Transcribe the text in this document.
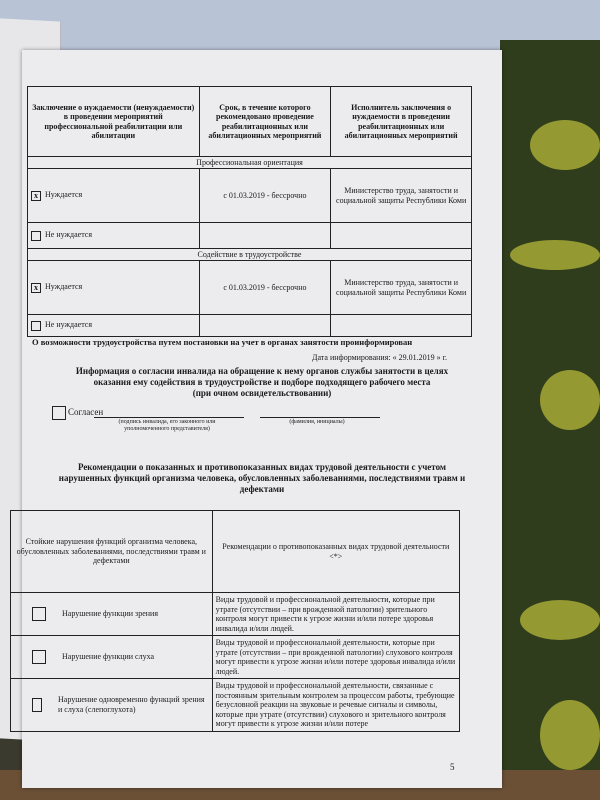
Заключение о нуждаемости (ненуждаемости) в проведении мероприятий профессиональной реабилитации или абилитации	Срок, в течение которого рекомендовано проведение реабилитационных или абилитационных мероприятий	Исполнитель заключения о нуждаемости в проведении реабилитационных или абилитационных мероприятий
Профессиональная ориентация		
x Нуждается	с 01.03.2019 - бессрочно	Министерство труда, занятости и социальной защиты Республики Коми
Не нуждается		
Содействие в трудоустройстве		
x Нуждается	с 01.03.2019 - бессрочно	Министерство труда, занятости и социальной защиты Республики Коми
Не нуждается		
О возможности трудоустройства путем постановки на учет в органах занятости проинформирован
Дата информирования: « 29.01.2019 » г.
Информация о согласии инвалида на обращение к нему органов службы занятости в целях оказания ему содействия в трудоустройстве и подборе подходящего рабочего места
(при очном освидетельствовании)
Согласен
(подпись инвалида, его законного или уполномоченного представителя)
(фамилия, инициалы)
Рекомендации о показанных и противопоказанных видах трудовой деятельности с учетом нарушенных функций организма человека, обусловленных заболеваниями, последствиями травм и дефектами
Стойкие нарушения функций организма человека, обусловленных заболеваниями, последствиями травм и дефектами	Рекомендации о противопоказанных видах трудовой деятельности <*>

Нарушение функции зрения	Виды трудовой и профессиональной деятельности, которые при утрате (отсутствии – при врожденной патологии) зрительного контроля могут привести к угрозе жизни и/или потере здоровья инвалида и/или людей.

Нарушение функции слуха	Виды трудовой и профессиональной деятельности, которые при утрате (отсутствии – при врожденной патологии) слухового контроля могут привести к угрозе жизни и/или потере здоровья инвалида и/или людей.

Нарушение одновременно функций зрения и слуха (слепоглухота)	Виды трудовой и профессиональной деятельности, связанные с постоянным зрительным контролем за процессом работы, требующие безусловной реакции на звуковые и речевые сигналы и символы, которые при утрате (отсутствии) слухового и зрительного контроля могут привести к угрозе жизни и/или потере
5
